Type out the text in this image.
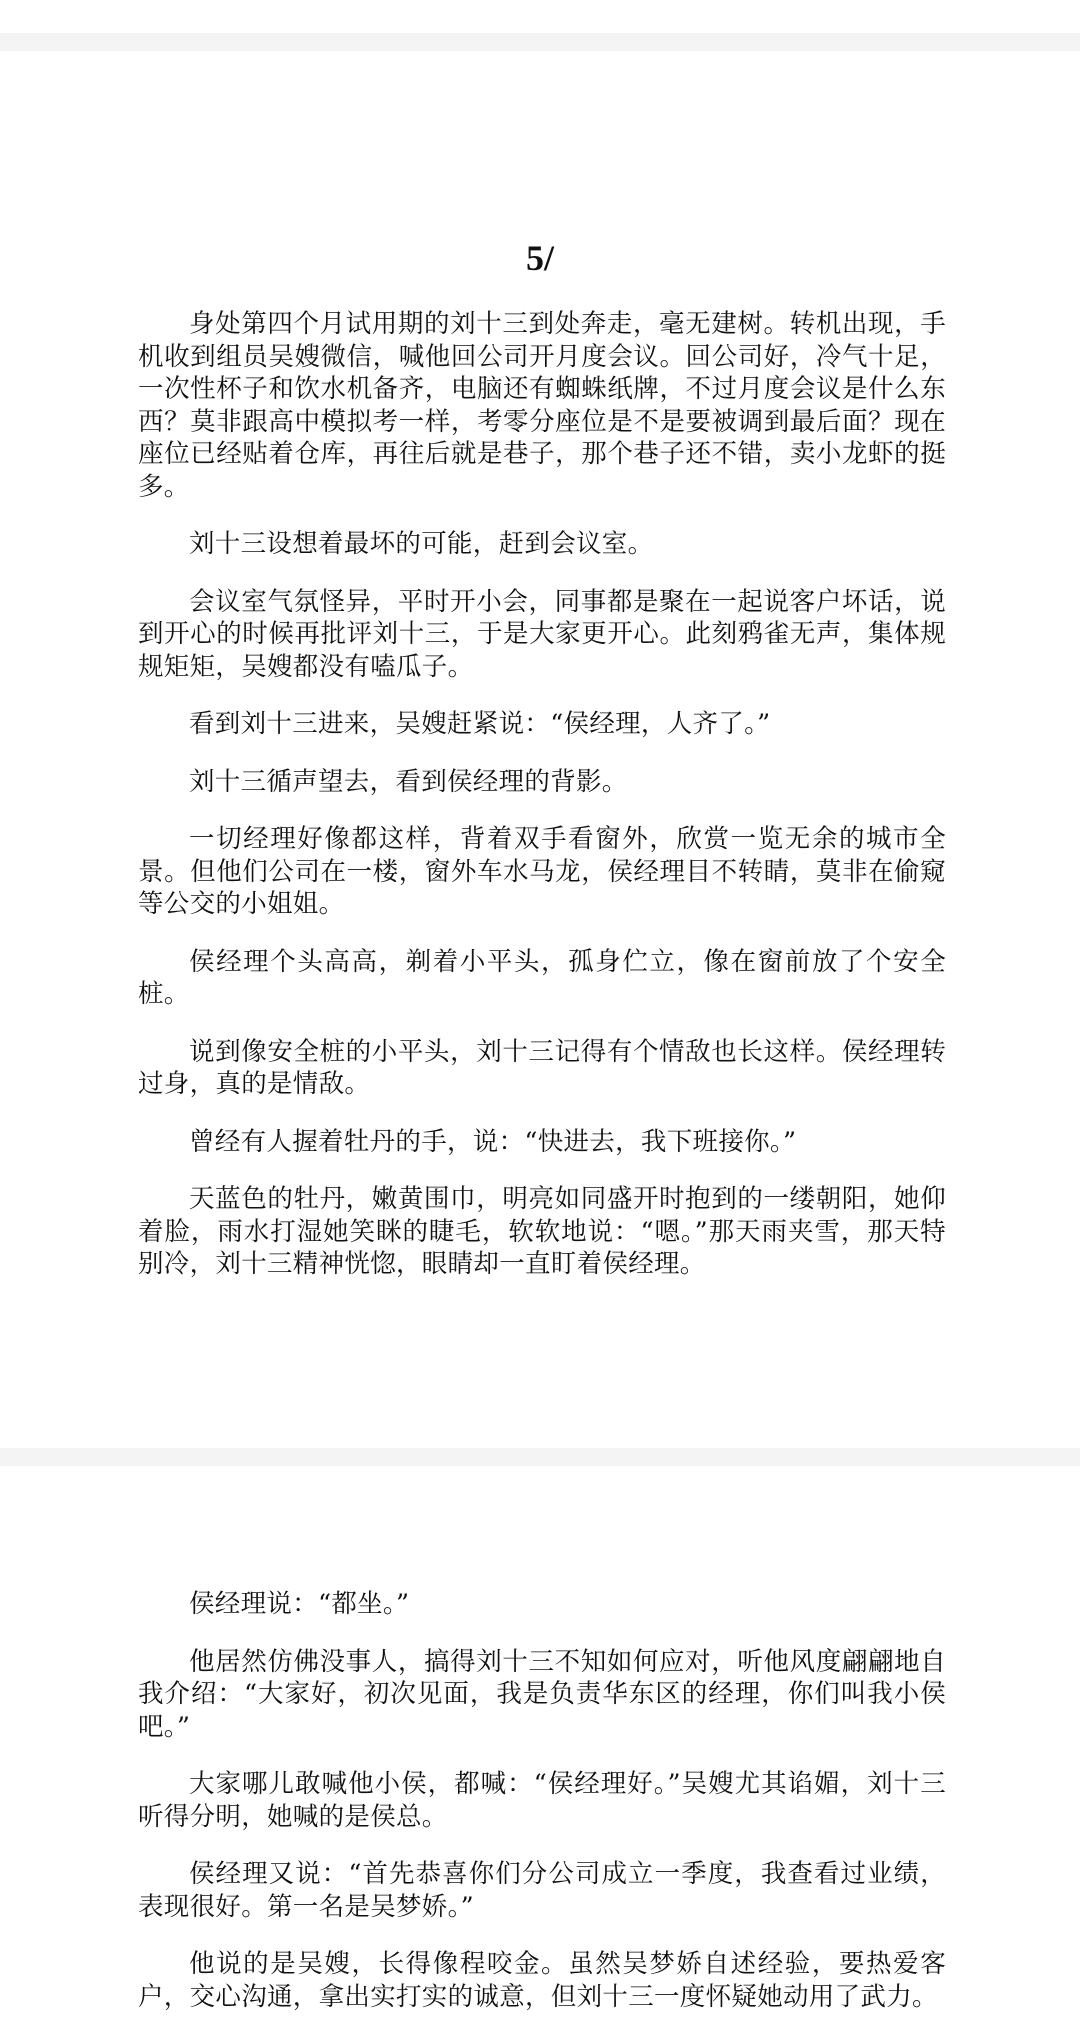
5/

身处第四个月试用期的刘十三到处奔走，毫无建树。转机出现，手机收到组员吴嫂微信，喊他回公司开月度会议。回公司好，冷气十足，一次性杯子和饮水机备齐，电脑还有蜘蛛纸牌，不过月度会议是什么东西？莫非跟高中模拟考一样，考零分座位是不是要被调到最后面？现在座位已经贴着仓库，再往后就是巷子，那个巷子还不错，卖小龙虾的挺多。

刘十三设想着最坏的可能，赶到会议室。

会议室气氛怪异，平时开小会，同事都是聚在一起说客户坏话，说到开心的时候再批评刘十三，于是大家更开心。此刻鸦雀无声，集体规规矩矩，吴嫂都没有嗑瓜子。

看到刘十三进来，吴嫂赶紧说：“侯经理，人齐了。”

刘十三循声望去，看到侯经理的背影。

一切经理好像都这样，背着双手看窗外，欣赏一览无余的城市全景。但他们公司在一楼，窗外车水马龙，侯经理目不转睛，莫非在偷窥等公交的小姐姐。

侯经理个头高高，剃着小平头，孤身伫立，像在窗前放了个安全桩。

说到像安全桩的小平头，刘十三记得有个情敌也长这样。侯经理转过身，真的是情敌。

曾经有人握着牡丹的手，说：“快进去，我下班接你。”

天蓝色的牡丹，嫩黄围巾，明亮如同盛开时抱到的一缕朝阳，她仰着脸，雨水打湿她笑眯的睫毛，软软地说：“嗯。”那天雨夹雪，那天特别冷，刘十三精神恍惚，眼睛却一直盯着侯经理。

侯经理说：“都坐。”

他居然仿佛没事人，搞得刘十三不知如何应对，听他风度翩翩地自我介绍：“大家好，初次见面，我是负责华东区的经理，你们叫我小侯吧。”

大家哪儿敢喊他小侯，都喊：“侯经理好。”吴嫂尤其谄媚，刘十三听得分明，她喊的是侯总。

侯经理又说：“首先恭喜你们分公司成立一季度，我查看过业绩，表现很好。第一名是吴梦娇。”

他说的是吴嫂，长得像程咬金。虽然吴梦娇自述经验，要热爱客户，交心沟通，拿出实打实的诚意，但刘十三一度怀疑她动用了武力。
